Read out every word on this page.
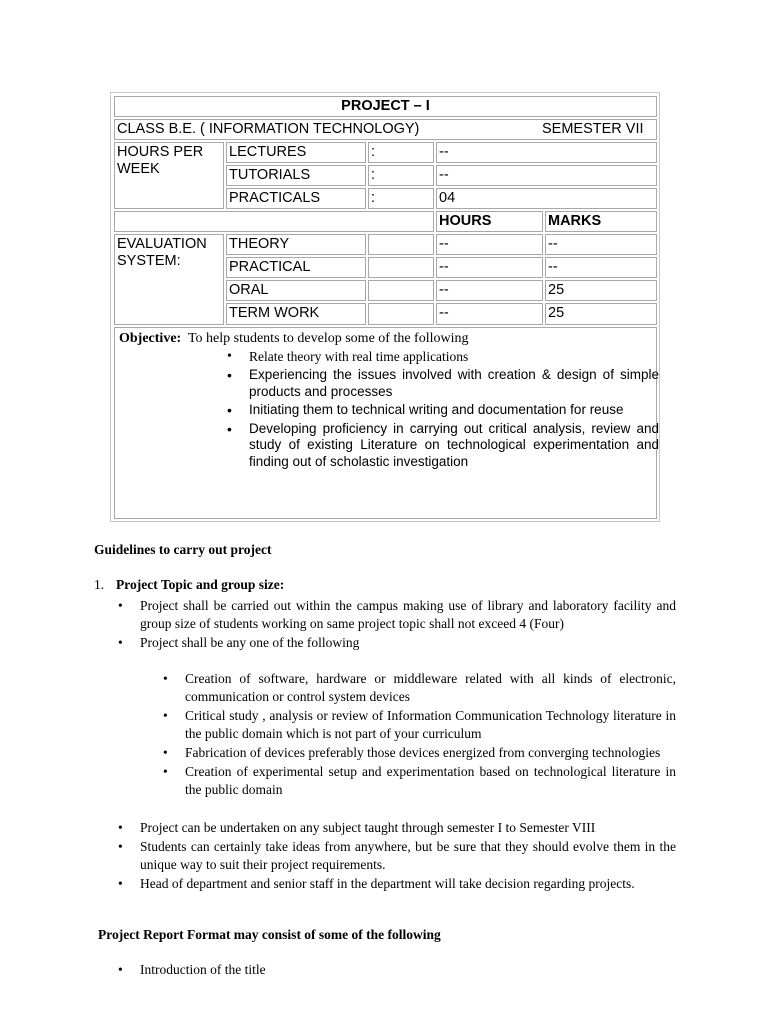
PROJECT – I
CLASS B.E. ( INFORMATION TECHNOLOGY)	SEMESTER VII
HOURS PER WEEK
LECTURES	:	--
TUTORIALS	:	--
PRACTICALS	:	04
HOURS	MARKS
EVALUATION SYSTEM:
THEORY	--	--
PRACTICAL	--	--
ORAL	--	25
TERM WORK	--	25
Objective: To help students to develop some of the following
• Relate theory with real time applications
• Experiencing the issues involved with creation & design of simple products and processes
• Initiating them to technical writing and documentation for reuse
• Developing proficiency in carrying out critical analysis, review and study of existing Literature on technological experimentation and finding out of scholastic investigation
Guidelines to carry out project
1. Project Topic and group size:
• Project shall be carried out within the campus making use of library and laboratory facility and group size of students working on same project topic shall not exceed 4 (Four)
• Project shall be any one of the following
• Creation of software, hardware or middleware related with all kinds of electronic, communication or control system devices
• Critical study , analysis or review of Information Communication Technology literature in the public domain which is not part of your curriculum
• Fabrication of devices preferably those devices energized from converging technologies
• Creation of experimental setup and experimentation based on technological literature in the public domain
• Project can be undertaken on any subject taught through semester I to Semester VIII
• Students can certainly take ideas from anywhere, but be sure that they should evolve them in the unique way to suit their project requirements.
• Head of department and senior staff in the department will take decision regarding projects.
Project Report Format may consist of some of the following
• Introduction of the title
